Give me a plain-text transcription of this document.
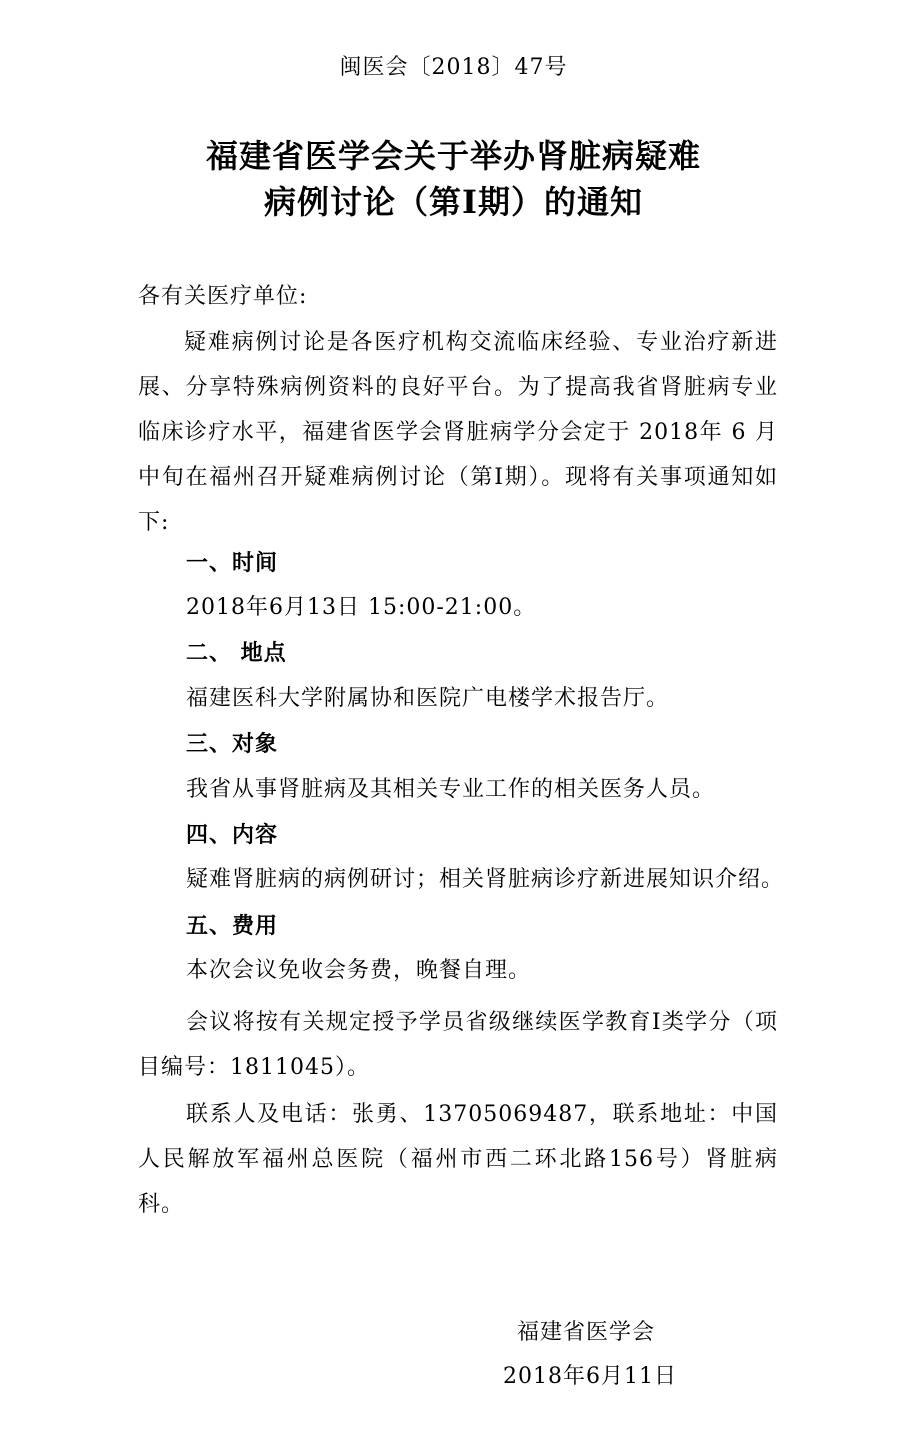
闽医会〔2018〕47号
福建省医学会关于举办肾脏病疑难
病例讨论（第I期）的通知
各有关医疗单位:
疑难病例讨论是各医疗机构交流临床经验、专业治疗新进展、分享特殊病例资料的良好平台。为了提高我省肾脏病专业临床诊疗水平，福建省医学会肾脏病学分会定于 2018年 6 月中旬在福州召开疑难病例讨论（第I期）。现将有关事项通知如下:
一、时间
2018年6月13日 15:00-21:00。
二、 地点
福建医科大学附属协和医院广电楼学术报告厅。
三、对象
我省从事肾脏病及其相关专业工作的相关医务人员。
四、内容
疑难肾脏病的病例研讨；相关肾脏病诊疗新进展知识介绍。
五、费用
本次会议免收会务费，晚餐自理。
会议将按有关规定授予学员省级继续医学教育I类学分（项目编号：1811045）。
联系人及电话：张勇、13705069487，联系地址：中国人民解放军福州总医院（福州市西二环北路156号）肾脏病科。
福建省医学会
2018年6月11日
